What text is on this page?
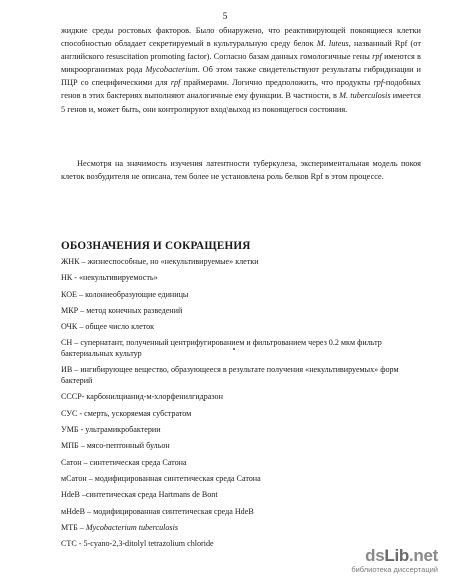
5

жидкие среды ростовых факторов. Было обнаружено, что реактивирующей покоящиеся клетки способностью обладает секретируемый в культуральную среду белок M. luteus, названный Rpf (от английского resuscitation promoting factor). Согласно базам данных гомологичные гены rpf имеются в микроорганизмах рода Mycobacterium. Об этом также свидетельствуют результаты гибридизации и ПЦР со специфическими для rpf праймерами. Логично предположить, что продукты rpf-подобных генов в этих бактериях выполняют аналогичные ему функции. В частности, в M. tuberculosis имеется 5 генов и, может быть, они контролируют вход\выход из покоящегося состояния.

Несмотря на значимость изучения латентности туберкулеза, экспериментальная модель покоя клеток возбудителя не описана, тем более не установлена роль белков Rpf в этом процессе.

ОБОЗНАЧЕНИЯ И СОКРАЩЕНИЯ
ЖНК – жизнеспособные, но «некультивируемые» клетки
НК - «некультивируемость»
КОЕ – колониеобразующие единицы
МКР – метод конечных разведений
ОЧК – общее число клеток
СН – супернатант, полученный центрифугированием и фильтрованием через 0.2 мкм фильтр бактериальных культур
ИВ – ингибирующее вещество, образующееся в результате получения «некультивируемых» форм бактерий
СССР- карбонилцианид-м-хлорфенилгидразон
СУС - смерть, ускоряемая субстратом
УМБ - ультрамикробактерии
МПБ – мясо-пептонный бульон
Сатон – синтетическая среда Сатона
мСатон – модифицированная синтетическая среда Сатона
HdeB –синтетическая среда Hartmans de Bont
мHdeB – модифицированная синтетическая среда HdeB
МТБ – Mycobacterium tuberculosis
СТС - 5-cyano-2,3-ditolyl tetrazolium chloride
dsLib.net
библиотека диссертаций
